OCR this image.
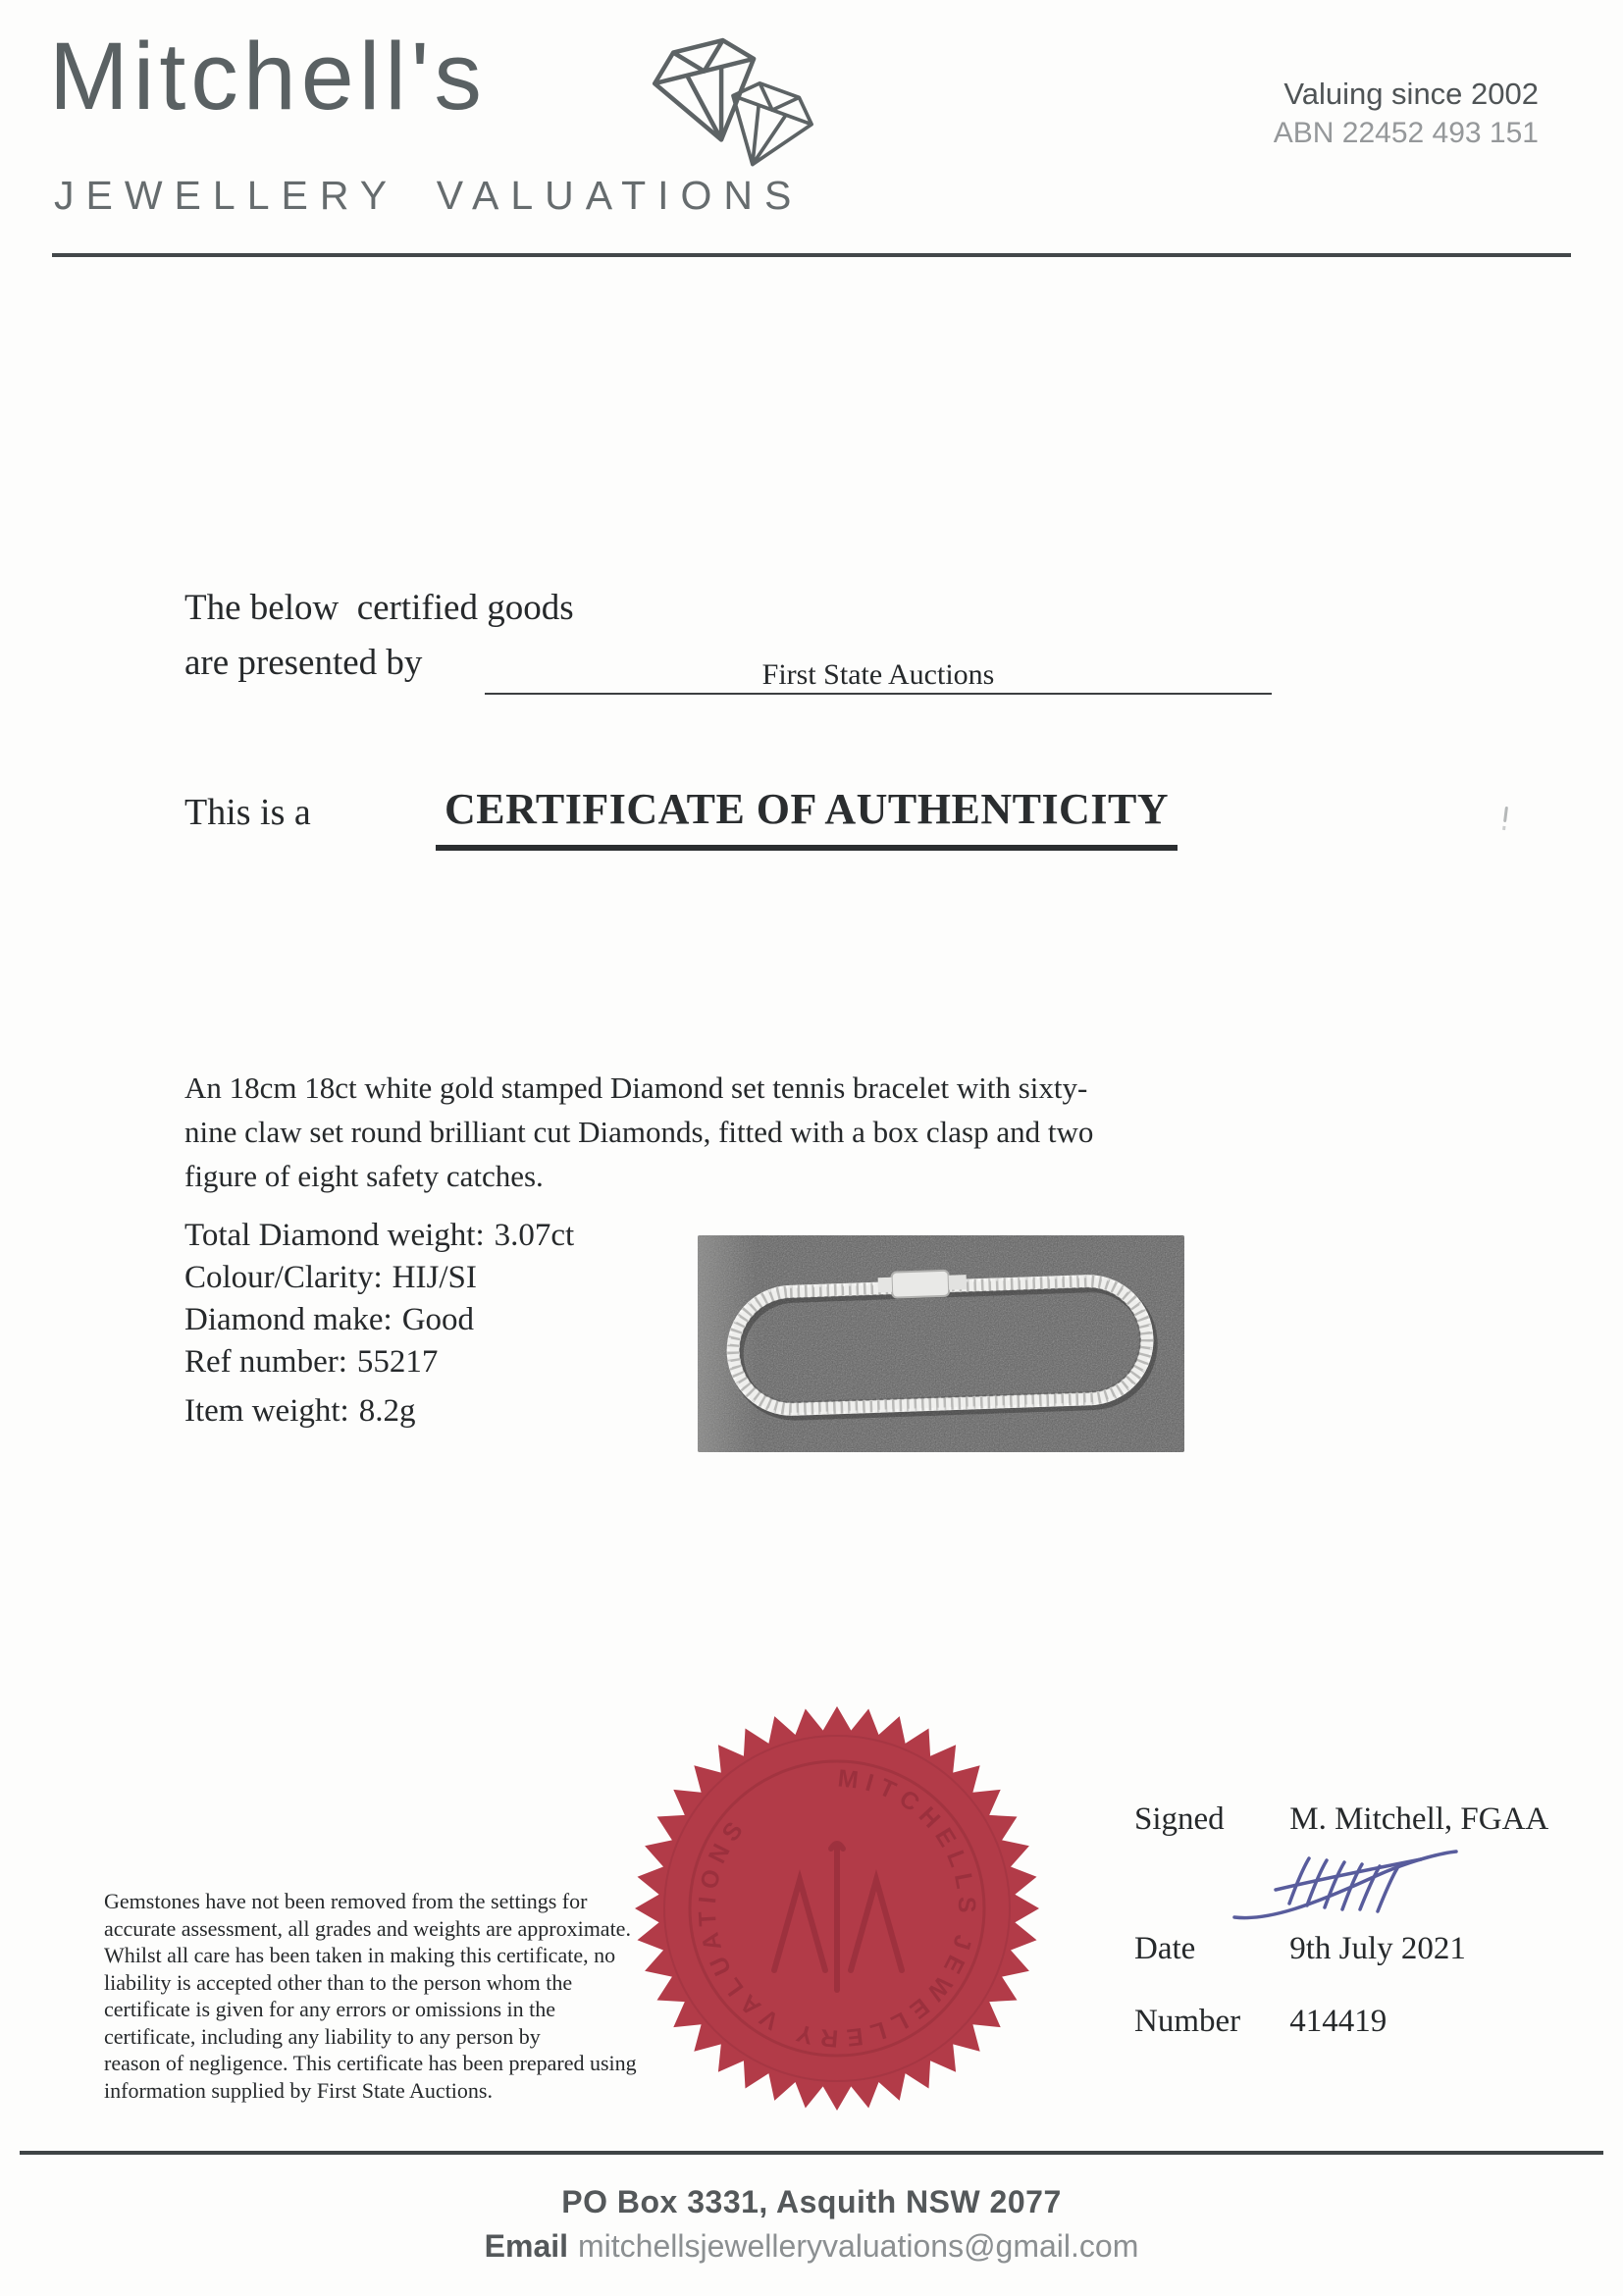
Mitchell's
JEWELLERY VALUATIONS
Valuing since 2002
ABN 22452 493 151
The below  certified goods
are presented by	First State Auctions
This is a	CERTIFICATE OF AUTHENTICITY
An 18cm 18ct white gold stamped Diamond set tennis bracelet with sixty-
nine claw set round brilliant cut Diamonds, fitted with a box clasp and two
figure of eight safety catches.
Total Diamond weight: 3.07ct
Colour/Clarity: HIJ/SI
Diamond make: Good
Ref number: 55217
Item weight: 8.2g
MITCHELLS JEWELLERY VALUATIONS
Gemstones have not been removed from the settings for
accurate assessment, all grades and weights are approximate.
Whilst all care has been taken in making this certificate, no
liability is accepted other than to the person whom the
certificate is given for any errors or omissions in the
certificate, including any liability to any person by
reason of negligence. This certificate has been prepared using
information supplied by First State Auctions.
Signed M. Mitchell, FGAA
Date	9th July 2021
Number 414419
PO Box 3331, Asquith NSW 2077
Email mitchellsjewelleryvaluations@gmail.com
